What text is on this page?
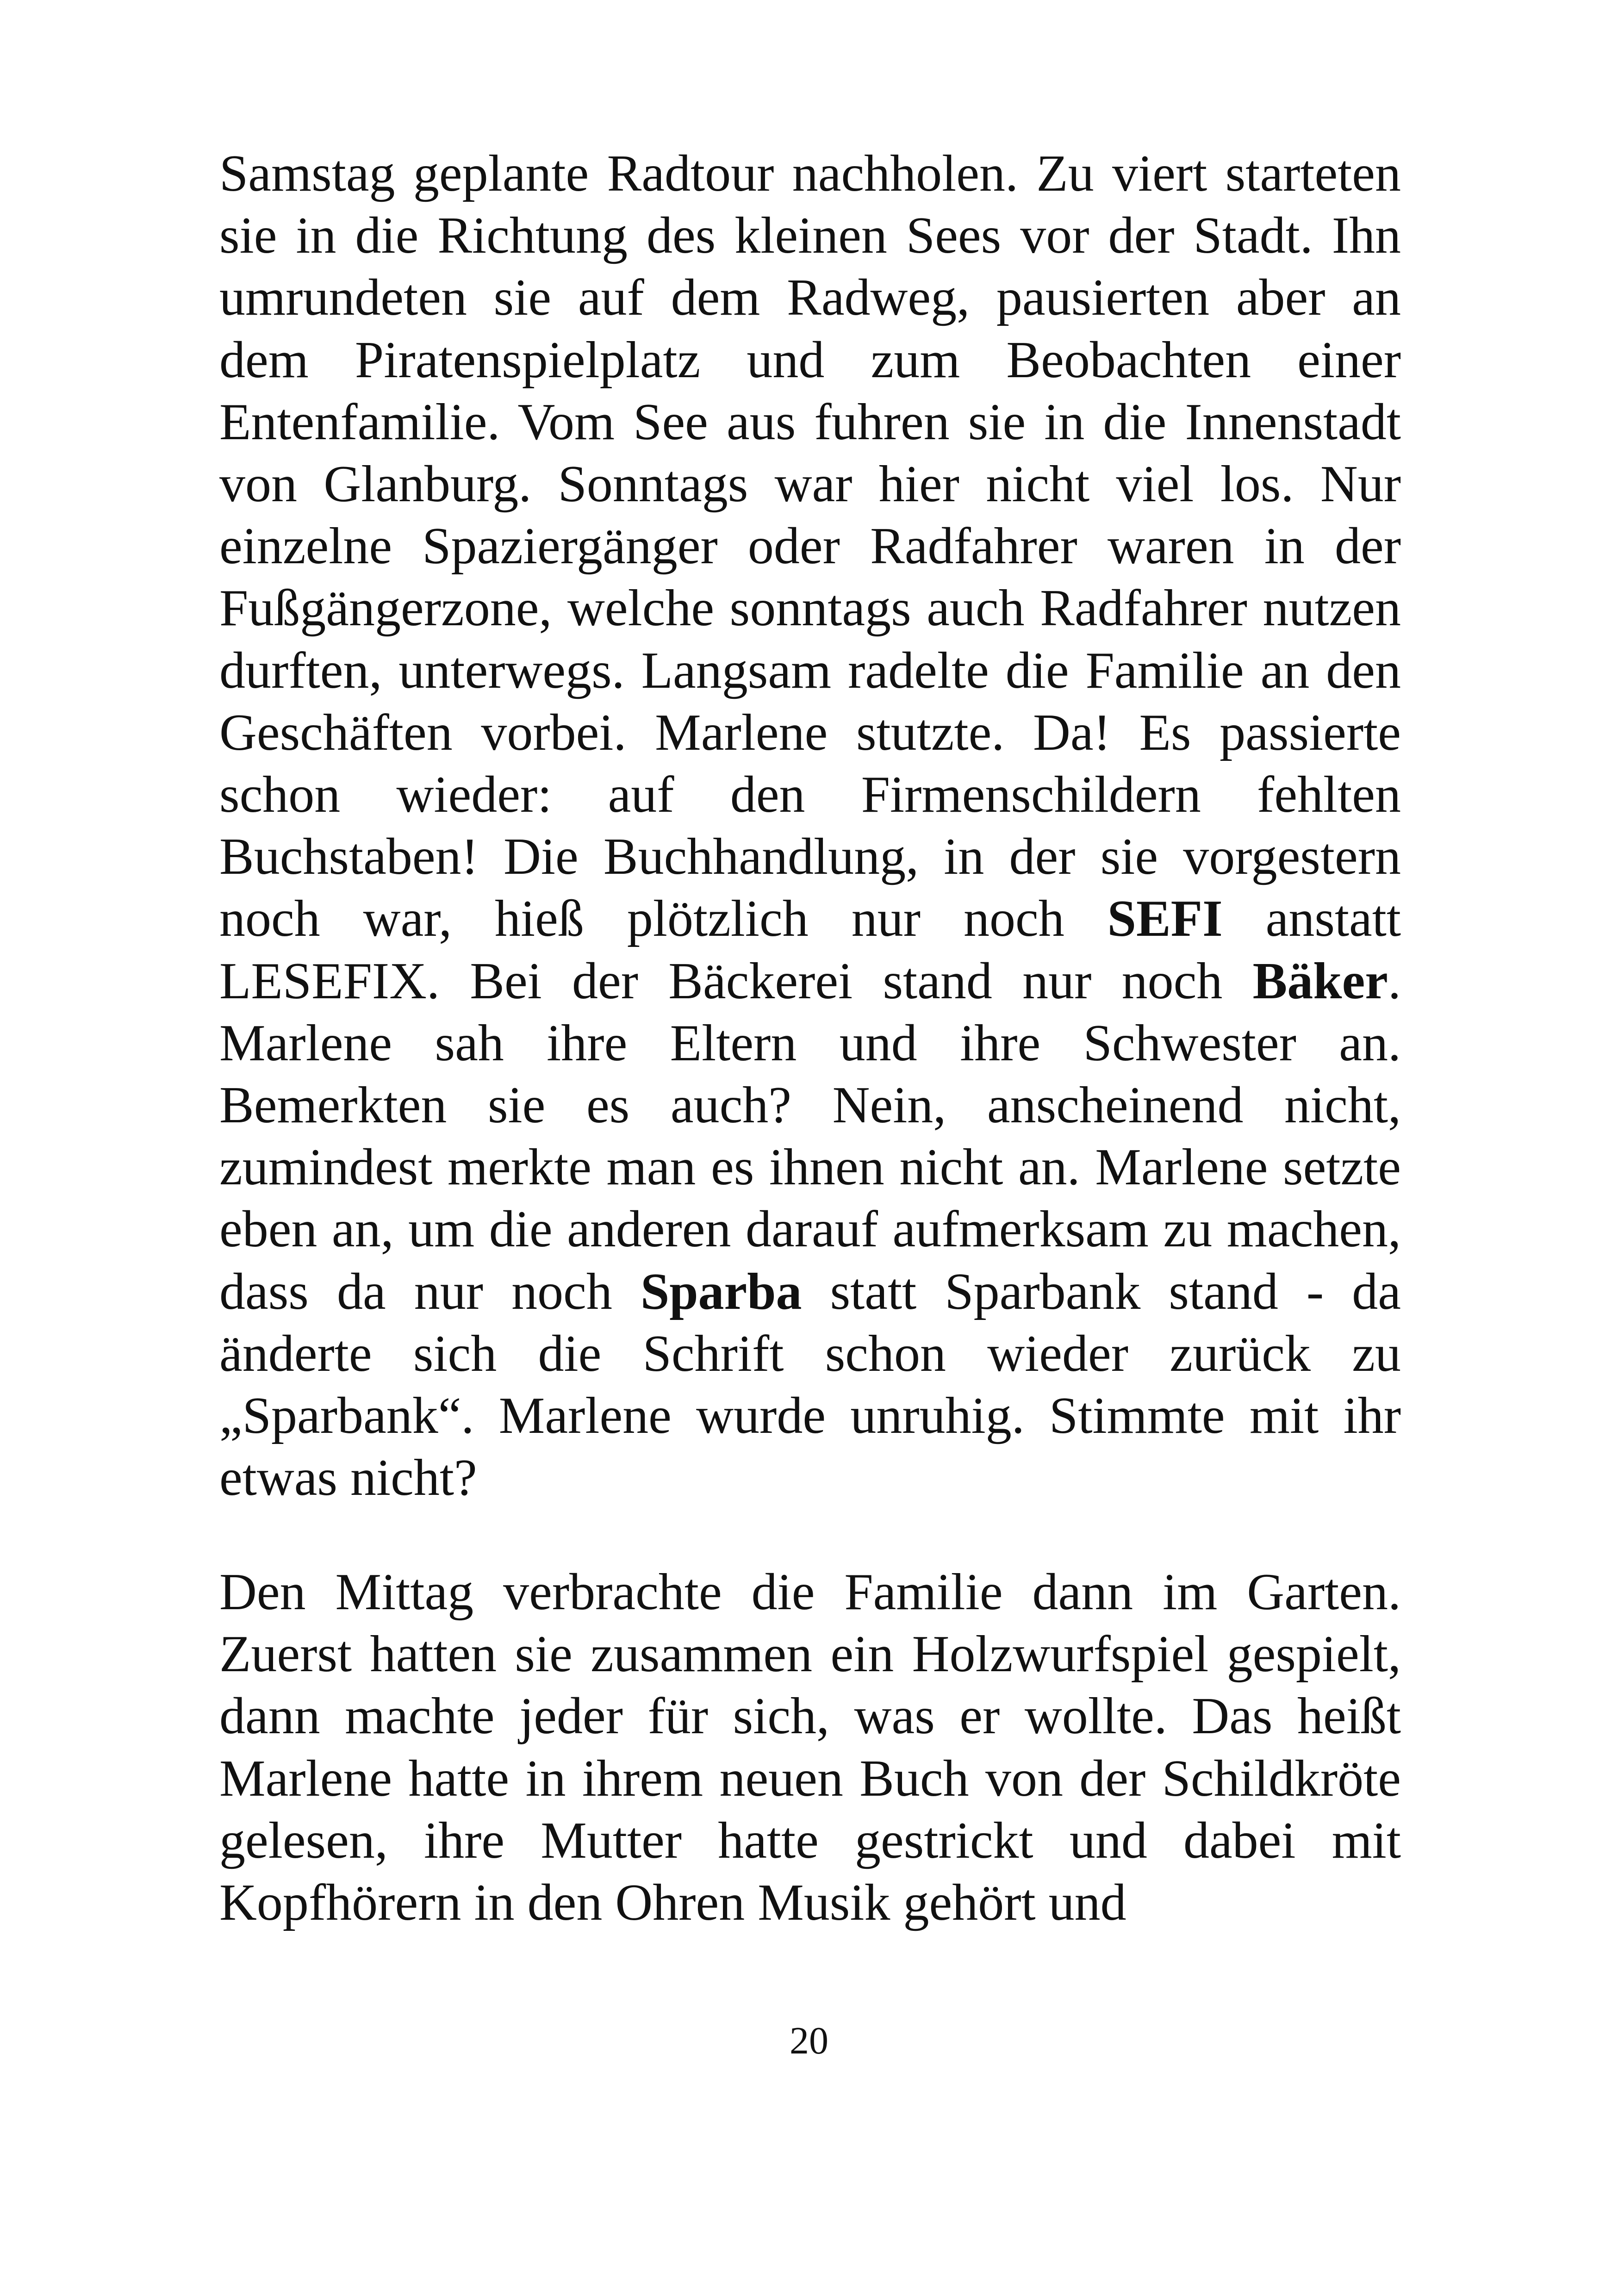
Samstag geplante Radtour nachholen. Zu viert starteten sie in die Richtung des kleinen Sees vor der Stadt. Ihn umrundeten sie auf dem Radweg, pausierten aber an dem Piratenspielplatz und zum Beobachten einer Entenfamilie. Vom See aus fuhren sie in die Innenstadt von Glanburg. Sonntags war hier nicht viel los. Nur einzelne Spaziergänger oder Radfahrer waren in der Fußgängerzone, welche sonntags auch Radfahrer nutzen durften, unterwegs. Langsam radelte die Familie an den Geschäften vorbei. Marlene stutzte. Da! Es passierte schon wieder: auf den Firmenschildern fehlten Buchstaben! Die Buchhandlung, in der sie vorgestern noch war, hieß plötzlich nur noch SEFI anstatt LESEFIX. Bei der Bäckerei stand nur noch Bäker. Marlene sah ihre Eltern und ihre Schwester an. Bemerkten sie es auch? Nein, anscheinend nicht, zumindest merkte man es ihnen nicht an. Marlene setzte eben an, um die anderen darauf aufmerksam zu machen, dass da nur noch Sparba statt Sparbank stand - da änderte sich die Schrift schon wieder zurück zu „Sparbank“. Marlene wurde unruhig. Stimmte mit ihr etwas nicht?

Den Mittag verbrachte die Familie dann im Garten. Zuerst hatten sie zusammen ein Holzwurfspiel gespielt, dann machte jeder für sich, was er wollte. Das heißt Marlene hatte in ihrem neuen Buch von der Schildkröte gelesen, ihre Mutter hatte gestrickt und dabei mit Kopfhörern in den Ohren Musik gehört und

20
